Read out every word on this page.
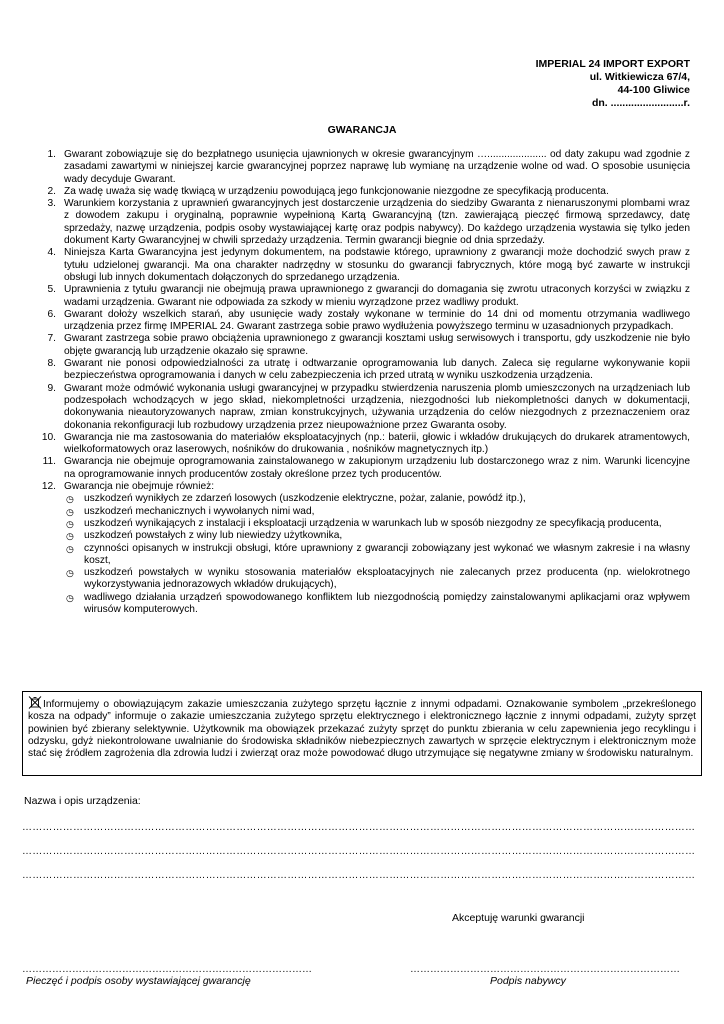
IMPERIAL 24 IMPORT EXPORT
ul. Witkiewicza 67/4,
44-100 Gliwice
dn. .........................r.
GWARANCJA
1. Gwarant zobowiązuje się do bezpłatnego usunięcia ujawnionych w okresie gwarancyjnym …..................... od daty zakupu wad zgodnie z zasadami zawartymi w niniejszej karcie gwarancyjnej poprzez naprawę lub wymianę na urządzenie wolne od wad. O sposobie usunięcia wady decyduje Gwarant.
2. Za wadę uważa się wadę tkwiącą w urządzeniu powodującą jego funkcjonowanie niezgodne ze specyfikacją producenta.
3. Warunkiem korzystania z uprawnień gwarancyjnych jest dostarczenie urządzenia do siedziby Gwaranta z nienaruszonymi plombami wraz z dowodem zakupu i oryginalną, poprawnie wypełnioną Kartą Gwarancyjną (tzn. zawierającą pieczęć firmową sprzedawcy, datę sprzedaży, nazwę urządzenia, podpis osoby wystawiającej kartę oraz podpis nabywcy). Do każdego urządzenia wystawia się tylko jeden dokument Karty Gwarancyjnej w chwili sprzedaży urządzenia. Termin gwarancji biegnie od dnia sprzedaży.
4. Niniejsza Karta Gwarancyjna jest jedynym dokumentem, na podstawie którego, uprawniony z gwarancji może dochodzić swych praw z tytułu udzielonej gwarancji. Ma ona charakter nadrzędny w stosunku do gwarancji fabrycznych, które mogą być zawarte w instrukcji obsługi lub innych dokumentach dołączonych do sprzedanego urządzenia.
5. Uprawnienia z tytułu gwarancji nie obejmują prawa uprawnionego z gwarancji do domagania się zwrotu utraconych korzyści w związku z wadami urządzenia. Gwarant nie odpowiada za szkody w mieniu wyrządzone przez wadliwy produkt.
6. Gwarant dołoży wszelkich starań, aby usunięcie wady zostały wykonane w terminie do 14 dni od momentu otrzymania wadliwego urządzenia przez firmę IMPERIAL 24. Gwarant zastrzega sobie prawo wydłużenia powyższego terminu w uzasadnionych przypadkach.
7. Gwarant zastrzega sobie prawo obciążenia uprawnionego z gwarancji kosztami usług serwisowych i transportu, gdy uszkodzenie nie było objęte gwarancją lub urządzenie okazało się sprawne.
8. Gwarant nie ponosi odpowiedzialności za utratę i odtwarzanie oprogramowania lub danych. Zaleca się regularne wykonywanie kopii bezpieczeństwa oprogramowania i danych w celu zabezpieczenia ich przed utratą w wyniku uszkodzenia urządzenia.
9. Gwarant może odmówić wykonania usługi gwarancyjnej w przypadku stwierdzenia naruszenia plomb umieszczonych na urządzeniach lub podzespołach wchodzących w jego skład, niekompletności urządzenia, niezgodności lub niekompletności danych w dokumentacji, dokonywania nieautoryzowanych napraw, zmian konstrukcyjnych, używania urządzenia do celów niezgodnych z przeznaczeniem oraz dokonania rekonfiguracji lub rozbudowy urządzenia przez nieupoważnione przez Gwaranta osoby.
10. Gwarancja nie ma zastosowania do materiałów eksploatacyjnych (np.: baterii, głowic i wkładów drukujących do drukarek atramentowych, wielkoformatowych oraz laserowych, nośników do drukowania , nośników magnetycznych itp.)
11. Gwarancja nie obejmuje oprogramowania zainstalowanego w zakupionym urządzeniu lub dostarczonego wraz z nim. Warunki licencyjne na oprogramowanie innych producentów zostały określone przez tych producentów.
12. Gwarancja nie obejmuje również:
◷ uszkodzeń wynikłych ze zdarzeń losowych (uszkodzenie elektryczne, pożar, zalanie, powódź itp.),
◷ uszkodzeń mechanicznych i wywołanych nimi wad,
◷ uszkodzeń wynikających z instalacji i eksploatacji urządzenia w warunkach lub w sposób niezgodny ze specyfikacją producenta,
◷ uszkodzeń powstałych z winy lub niewiedzy użytkownika,
◷ czynności opisanych w instrukcji obsługi, które uprawniony z gwarancji zobowiązany jest wykonać we własnym zakresie i na własny koszt,
◷ uszkodzeń powstałych w wyniku stosowania materiałów eksploatacyjnych nie zalecanych przez producenta (np. wielokrotnego wykorzystywania jednorazowych wkładów drukujących),
◷ wadliwego działania urządzeń spowodowanego konfliktem lub niezgodnością pomiędzy zainstalowanymi aplikacjami oraz wpływem wirusów komputerowych.
Informujemy o obowiązującym zakazie umieszczania zużytego sprzętu łącznie z innymi odpadami. Oznakowanie symbolem „przekreślonego kosza na odpady” informuje o zakazie umieszczania zużytego sprzętu elektrycznego i elektronicznego łącznie z innymi odpadami, zużyty sprzęt powinien być zbierany selektywnie. Użytkownik ma obowiązek przekazać zużyty sprzęt do punktu zbierania w celu zapewnienia jego recyklingu i odzysku, gdyż niekontrolowane uwalnianie do środowiska składników niebezpiecznych zawartych w sprzęcie elektrycznym i elektronicznym może stać się źródłem zagrożenia dla zdrowia ludzi i zwierząt oraz może powodować długo utrzymujące się negatywne zmiany w środowisku naturalnym.
Nazwa i opis urządzenia:
………………………………………………………………………………………………………………………………………………………………………………
………………………………………………………………………………………………………………………………………………………………………………
………………………………………………………………………………………………………………………………………………………………………………
Akceptuję warunki gwarancji
……………………………………………………………………………
Pieczęć i podpis osoby wystawiającej gwarancję
………………………………………………………………………
Podpis nabywcy
